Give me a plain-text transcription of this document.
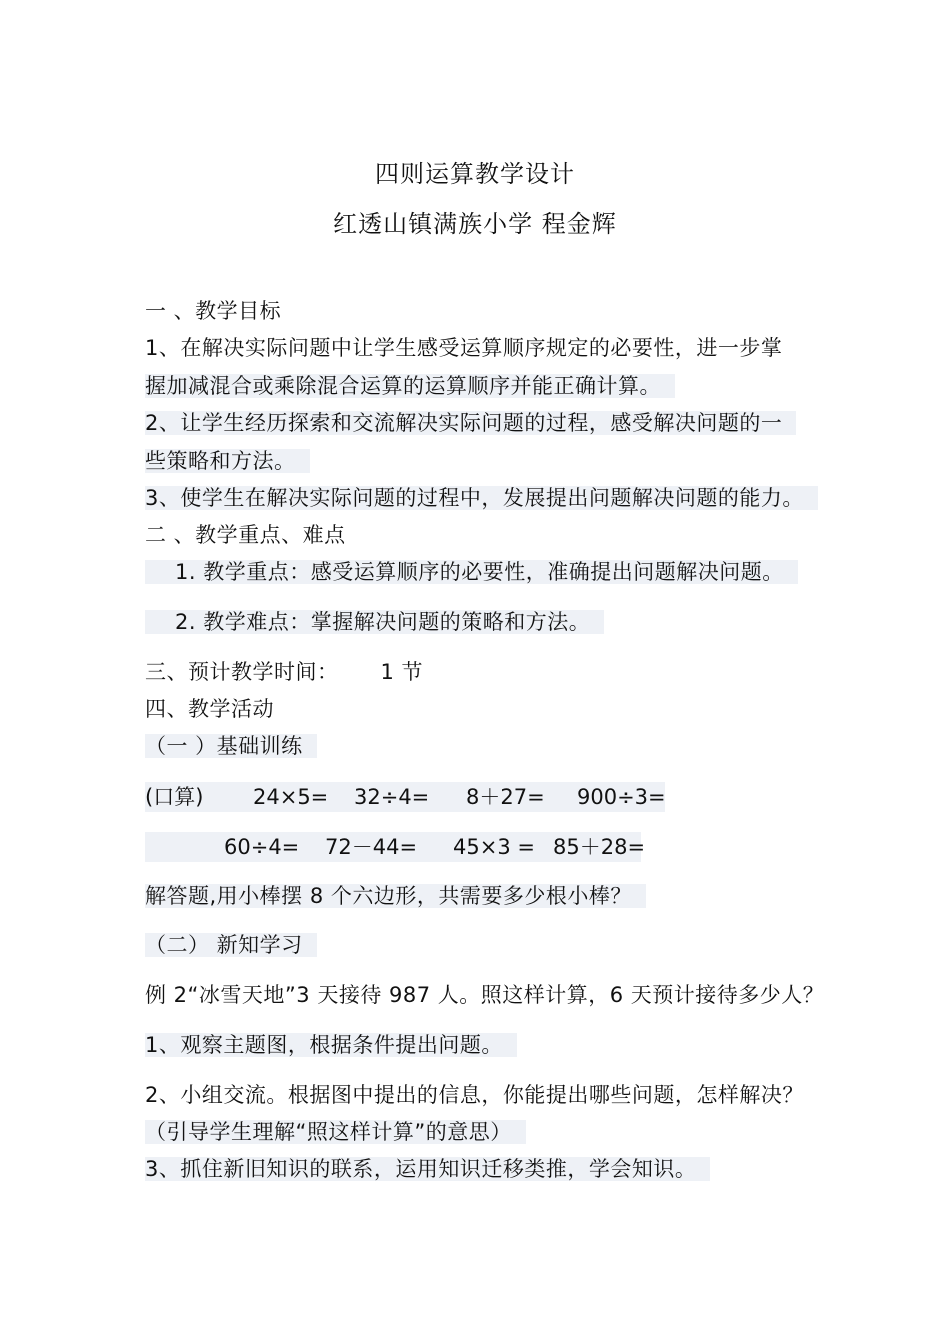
四则运算教学设计
红透山镇满族小学 程金辉
一 、教学目标
1、在解决实际问题中让学生感受运算顺序规定的必要性，进一步掌
握加减混合或乘除混合运算的运算顺序并能正确计算。
2、让学生经历探索和交流解决实际问题的过程，感受解决问题的一
些策略和方法。
3、使学生在解决实际问题的过程中，发展提出问题解决问题的能力。
二 、教学重点、难点
1. 教学重点：感受运算顺序的必要性，准确提出问题解决问题。
2. 教学难点：掌握解决问题的策略和方法。
三、预计教学时间： 1 节
四、教学活动
（一 ）基础训练
(口算) 24×5= 32÷4= 8＋27= 900÷3=
60÷4= 72－44= 45×3 = 85＋28=
解答题,用小棒摆 8 个六边形，共需要多少根小棒？
（二） 新知学习
例 2“冰雪天地”3 天接待 987 人。照这样计算，6 天预计接待多少人？
1、观察主题图，根据条件提出问题。
2、小组交流。根据图中提出的信息，你能提出哪些问题，怎样解决？
（引导学生理解“照这样计算”的意思）
3、抓住新旧知识的联系，运用知识迁移类推，学会知识。
